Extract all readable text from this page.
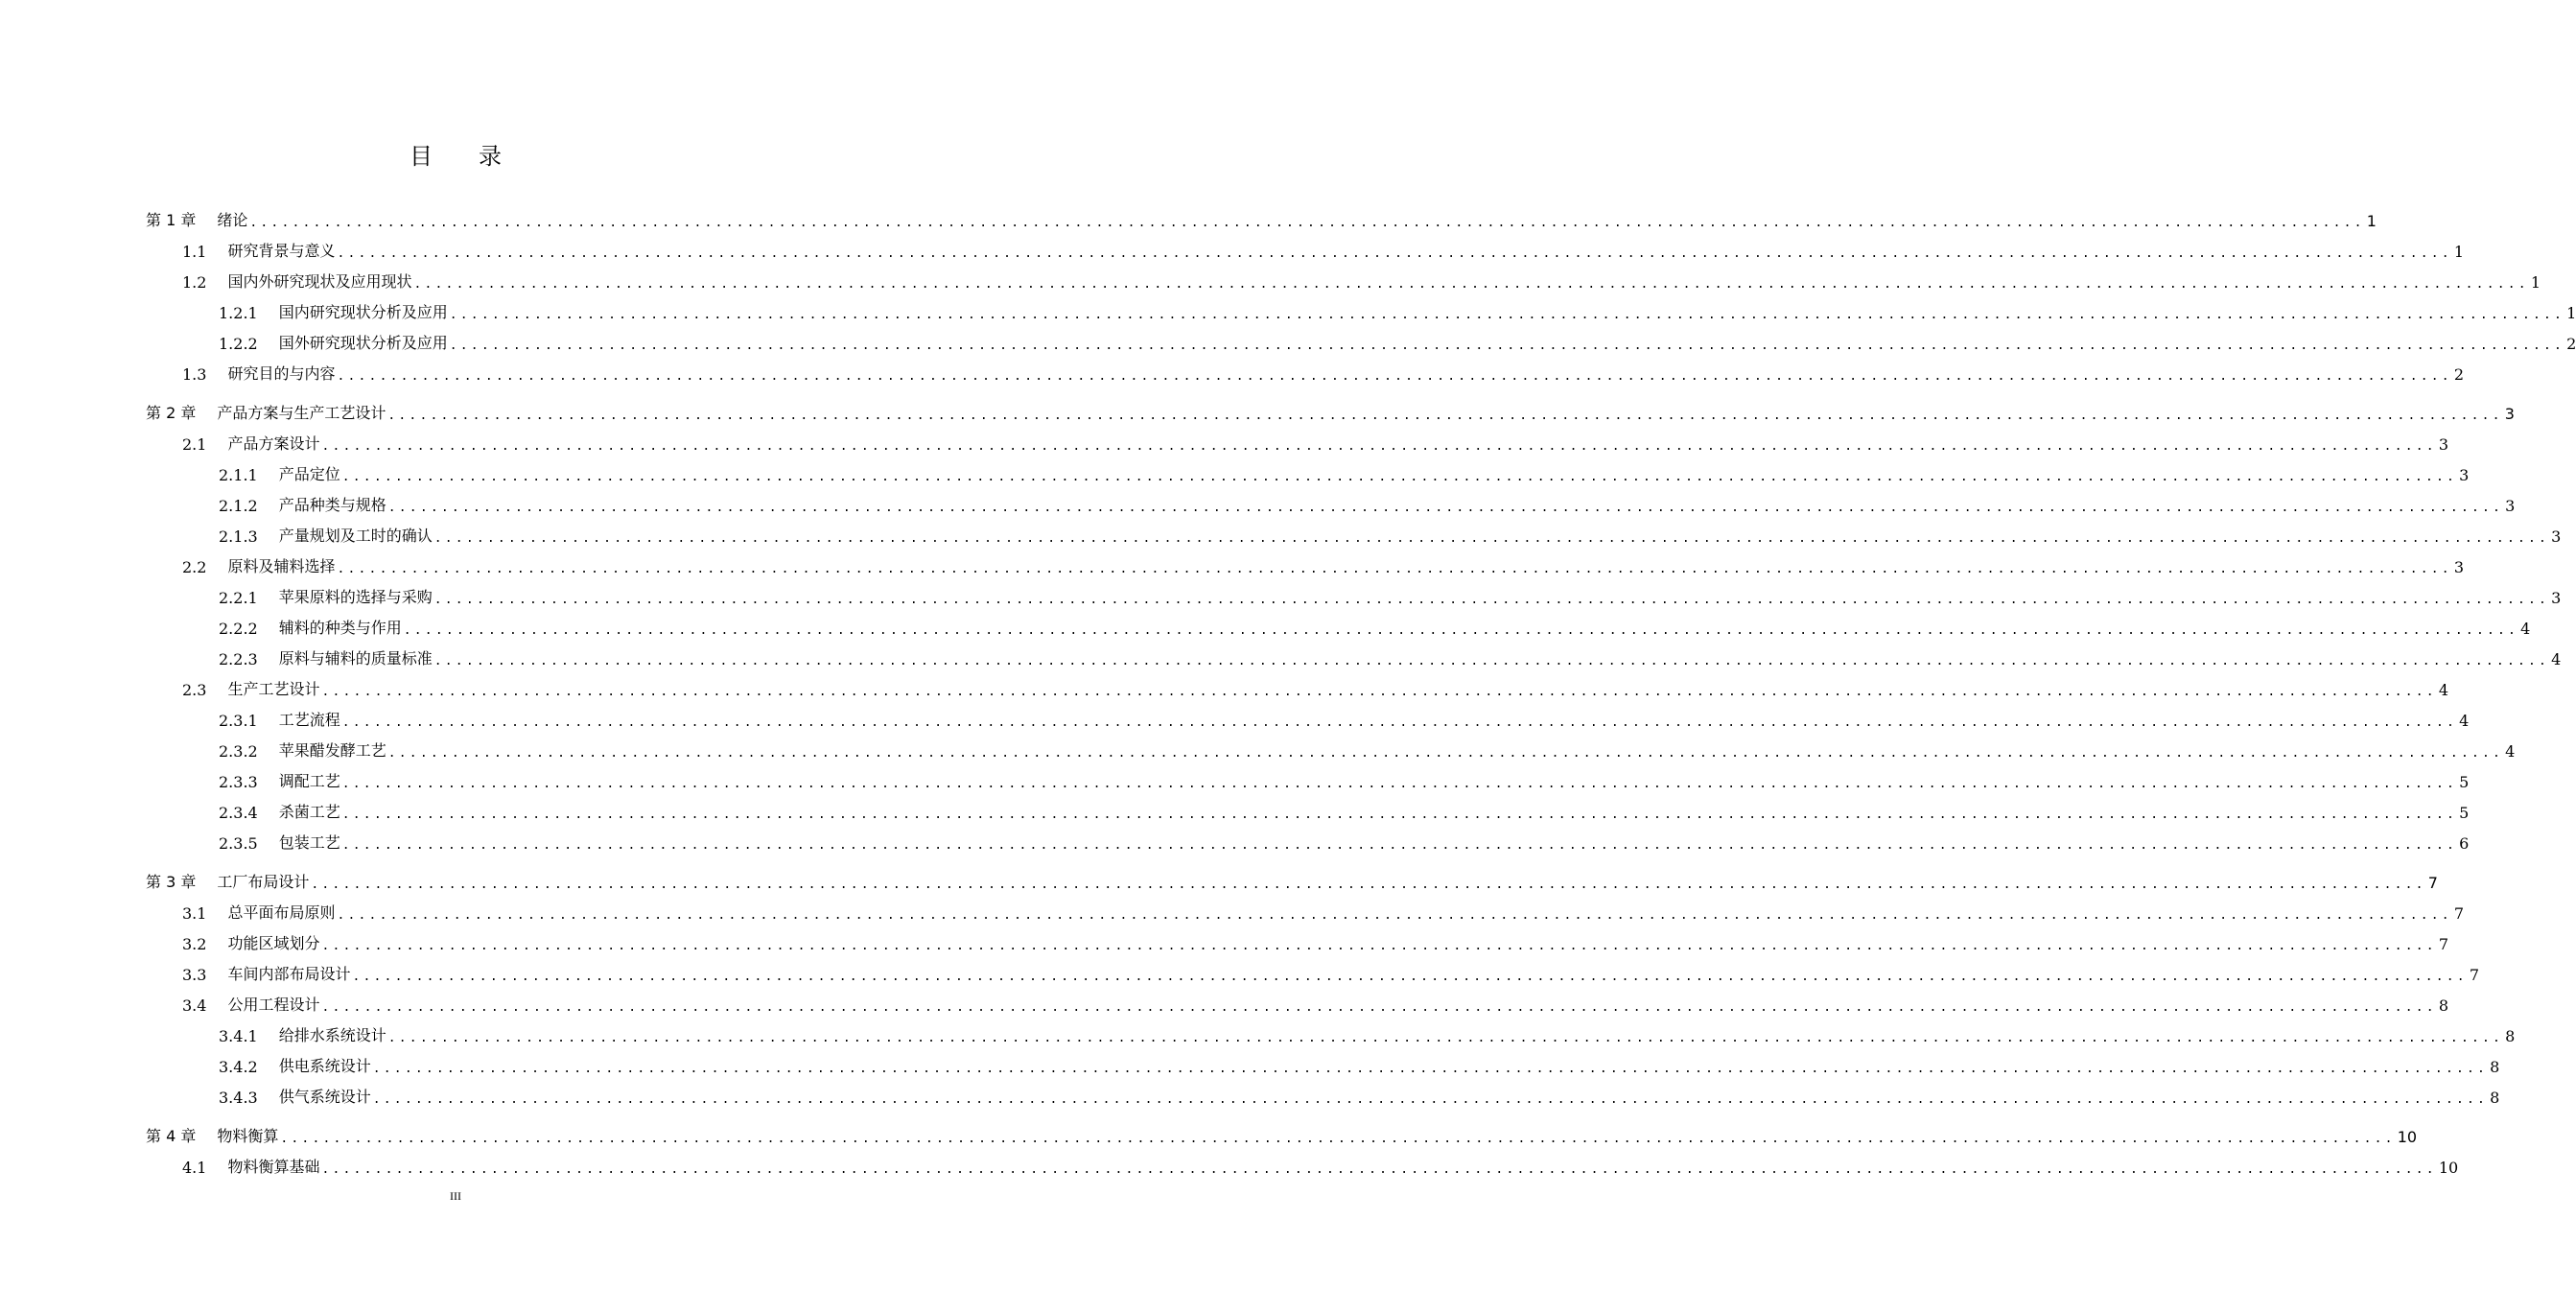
目录
第 1 章 绪论 ........................................................................................................................................................................................................ 1
1.1 研究背景与意义 ........................................................................................................................................................................................................ 1
1.2 国内外研究现状及应用现状 ........................................................................................................................................................................................................ 1
1.2.1 国内研究现状分析及应用 ........................................................................................................................................................................................................ 1
1.2.2 国外研究现状分析及应用 ........................................................................................................................................................................................................ 2
1.3 研究目的与内容 ........................................................................................................................................................................................................ 2
第 2 章 产品方案与生产工艺设计 ........................................................................................................................................................................................................ 3
2.1 产品方案设计 ........................................................................................................................................................................................................ 3
2.1.1 产品定位 ........................................................................................................................................................................................................ 3
2.1.2 产品种类与规格 ........................................................................................................................................................................................................ 3
2.1.3 产量规划及工时的确认 ........................................................................................................................................................................................................ 3
2.2 原料及辅料选择 ........................................................................................................................................................................................................ 3
2.2.1 苹果原料的选择与采购 ........................................................................................................................................................................................................ 3
2.2.2 辅料的种类与作用 ........................................................................................................................................................................................................ 4
2.2.3 原料与辅料的质量标准 ........................................................................................................................................................................................................ 4
2.3 生产工艺设计 ........................................................................................................................................................................................................ 4
2.3.1 工艺流程 ........................................................................................................................................................................................................ 4
2.3.2 苹果醋发酵工艺 ........................................................................................................................................................................................................ 4
2.3.3 调配工艺 ........................................................................................................................................................................................................ 5
2.3.4 杀菌工艺 ........................................................................................................................................................................................................ 5
2.3.5 包装工艺 ........................................................................................................................................................................................................ 6
第 3 章 工厂布局设计 ........................................................................................................................................................................................................ 7
3.1 总平面布局原则 ........................................................................................................................................................................................................ 7
3.2 功能区域划分 ........................................................................................................................................................................................................ 7
3.3 车间内部布局设计 ........................................................................................................................................................................................................ 7
3.4 公用工程设计 ........................................................................................................................................................................................................ 8
3.4.1 给排水系统设计 ........................................................................................................................................................................................................ 8
3.4.2 供电系统设计 ........................................................................................................................................................................................................ 8
3.4.3 供气系统设计 ........................................................................................................................................................................................................ 8
第 4 章 物料衡算 ........................................................................................................................................................................................................ 10
4.1 物料衡算基础 ........................................................................................................................................................................................................ 10
III
